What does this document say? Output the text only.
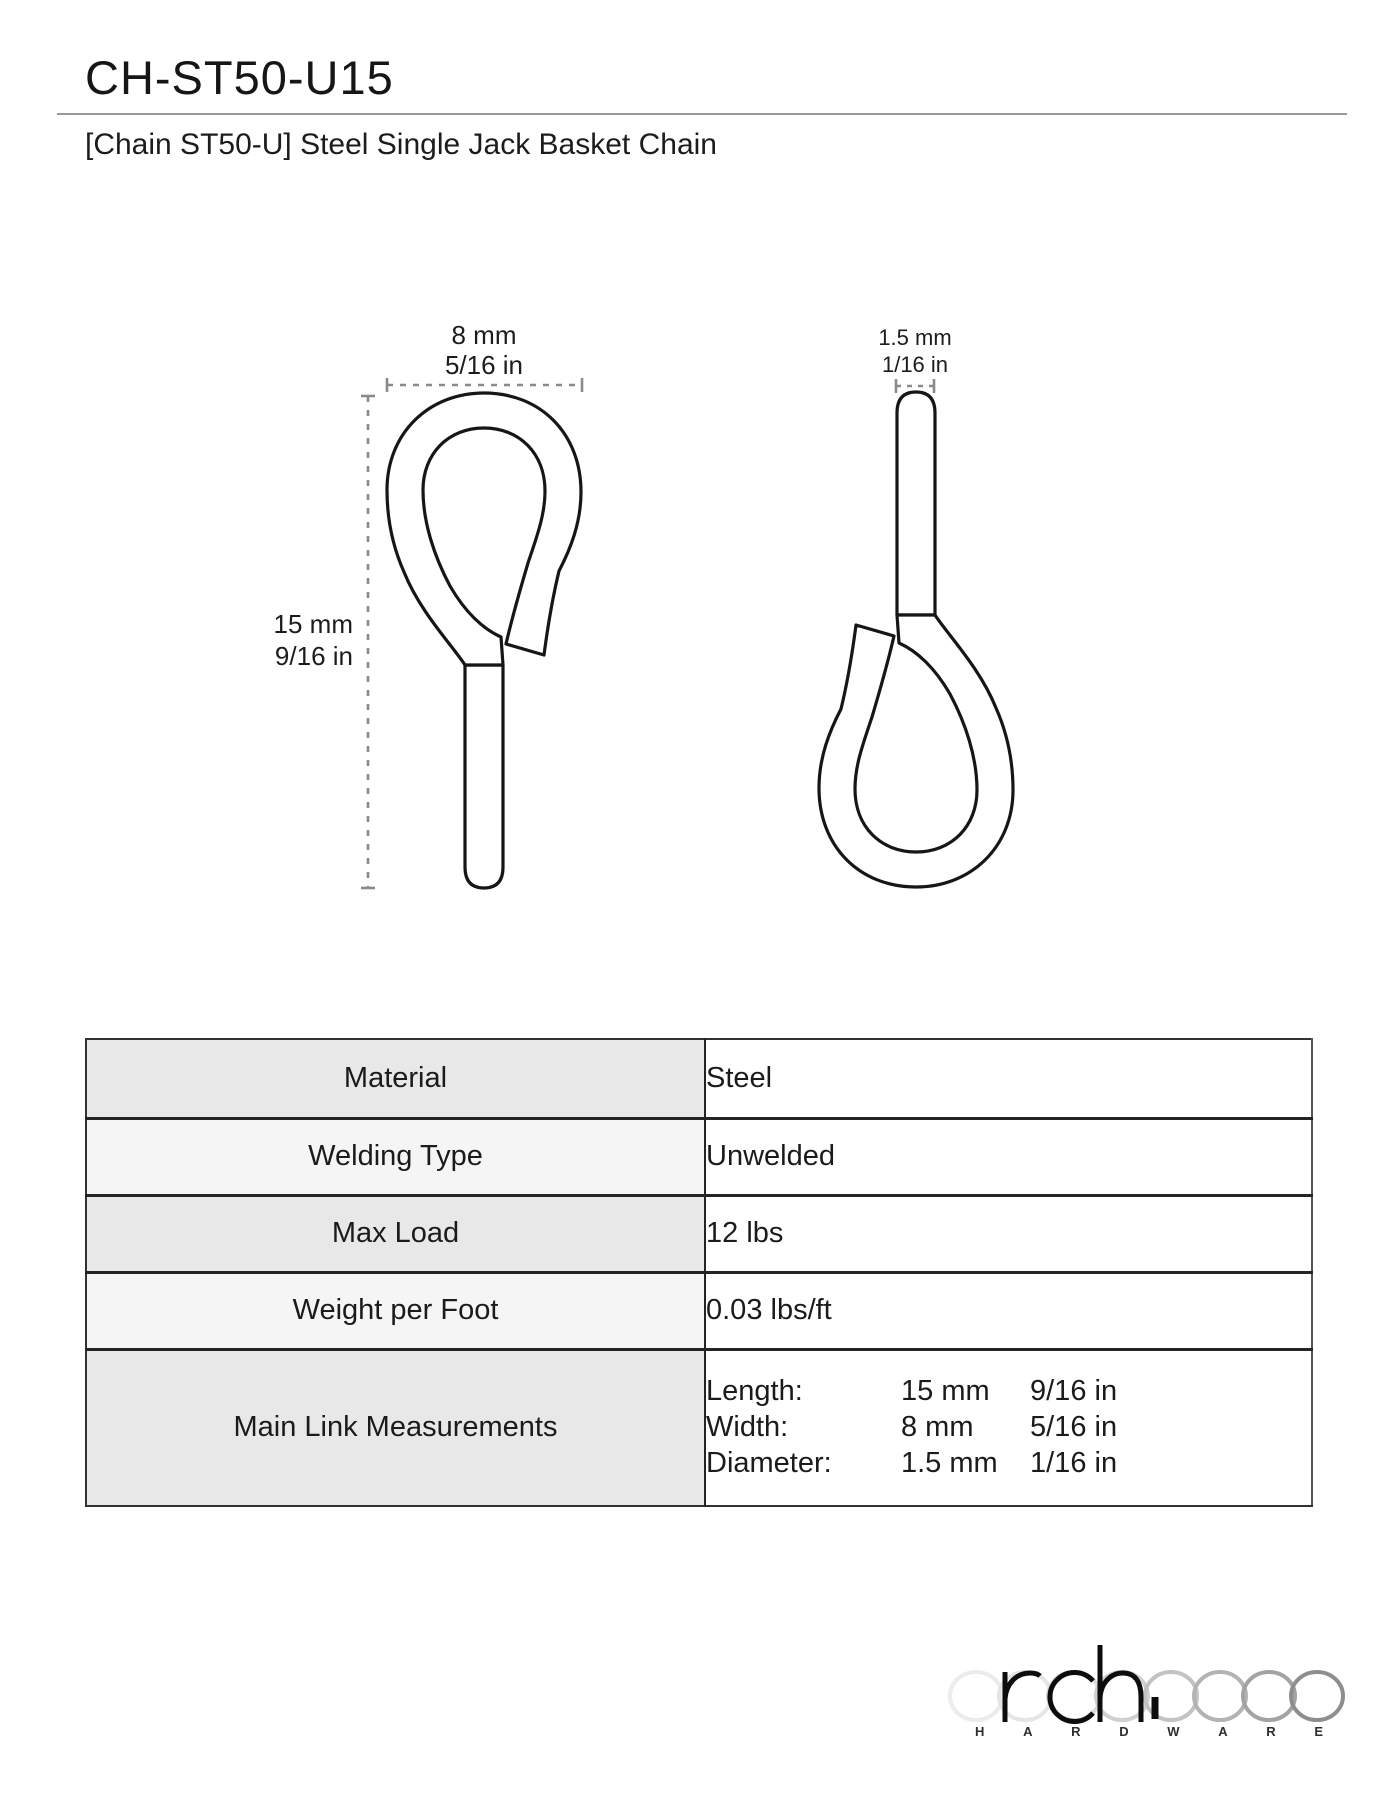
CH-ST50-U15
[Chain ST50-U] Steel Single Jack Basket Chain
8 mm
5/16 in
15 mm
9/16 in
1.5 mm
1/16 in
Material	Steel
Welding Type	Unwelded
Max Load	12 lbs
Weight per Foot	0.03 lbs/ft
Main Link Measurements	
Length:	15 mm	9/16 in
Width:	8 mm	5/16 in
Diameter:	1.5 mm	1/16 in
H	A	R	D	W	A	R	E
